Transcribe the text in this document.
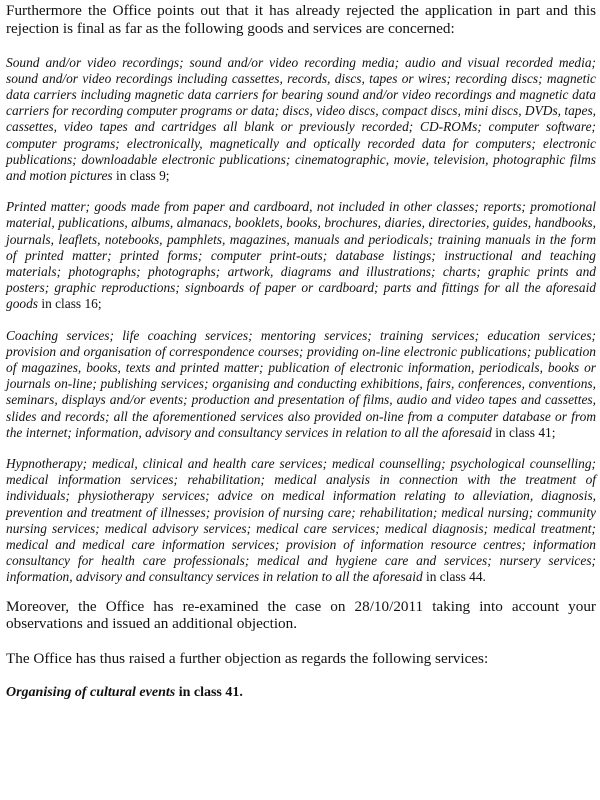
Furthermore the Office points out that it has already rejected the application in part and this rejection is final as far as the following goods and services are concerned:

Sound and/or video recordings; sound and/or video recording media; audio and visual recorded media; sound and/or video recordings including cassettes, records, discs, tapes or wires; recording discs; magnetic data carriers including magnetic data carriers for bearing sound and/or video recordings and magnetic data carriers for recording computer programs or data; discs, video discs, compact discs, mini discs, DVDs, tapes, cassettes, video tapes and cartridges all blank or previously recorded; CD-ROMs; computer software; computer programs; electronically, magnetically and optically recorded data for computers; electronic publications; downloadable electronic publications; cinematographic, movie, television, photographic films and motion pictures in class 9;

Printed matter; goods made from paper and cardboard, not included in other classes; reports; promotional material, publications, albums, almanacs, booklets, books, brochures, diaries, directories, guides, handbooks, journals, leaflets, notebooks, pamphlets, magazines, manuals and periodicals; training manuals in the form of printed matter; printed forms; computer print-outs; database listings; instructional and teaching materials; photographs; photographs; artwork, diagrams and illustrations; charts; graphic prints and posters; graphic reproductions; signboards of paper or cardboard; parts and fittings for all the aforesaid goods in class 16;

Coaching services; life coaching services; mentoring services; training services; education services; provision and organisation of correspondence courses; providing on-line electronic publications; publication of magazines, books, texts and printed matter; publication of electronic information, periodicals, books or journals on-line; publishing services; organising and conducting exhibitions, fairs, conferences, conventions, seminars, displays and/or events; production and presentation of films, audio and video tapes and cassettes, slides and records; all the aforementioned services also provided on-line from a computer database or from the internet; information, advisory and consultancy services in relation to all the aforesaid in class 41;

Hypnotherapy; medical, clinical and health care services; medical counselling; psychological counselling; medical information services; rehabilitation; medical analysis in connection with the treatment of individuals; physiotherapy services; advice on medical information relating to alleviation, diagnosis, prevention and treatment of illnesses; provision of nursing care; rehabilitation; medical nursing; community nursing services; medical advisory services; medical care services; medical diagnosis; medical treatment; medical and medical care information services; provision of information resource centres; information consultancy for health care professionals; medical and hygiene care and services; nursery services; information, advisory and consultancy services in relation to all the aforesaid in class 44.

Moreover, the Office has re-examined the case on 28/10/2011 taking into account your observations and issued an additional objection.

The Office has thus raised a further objection as regards the following services:

Organising of cultural events in class 41.
